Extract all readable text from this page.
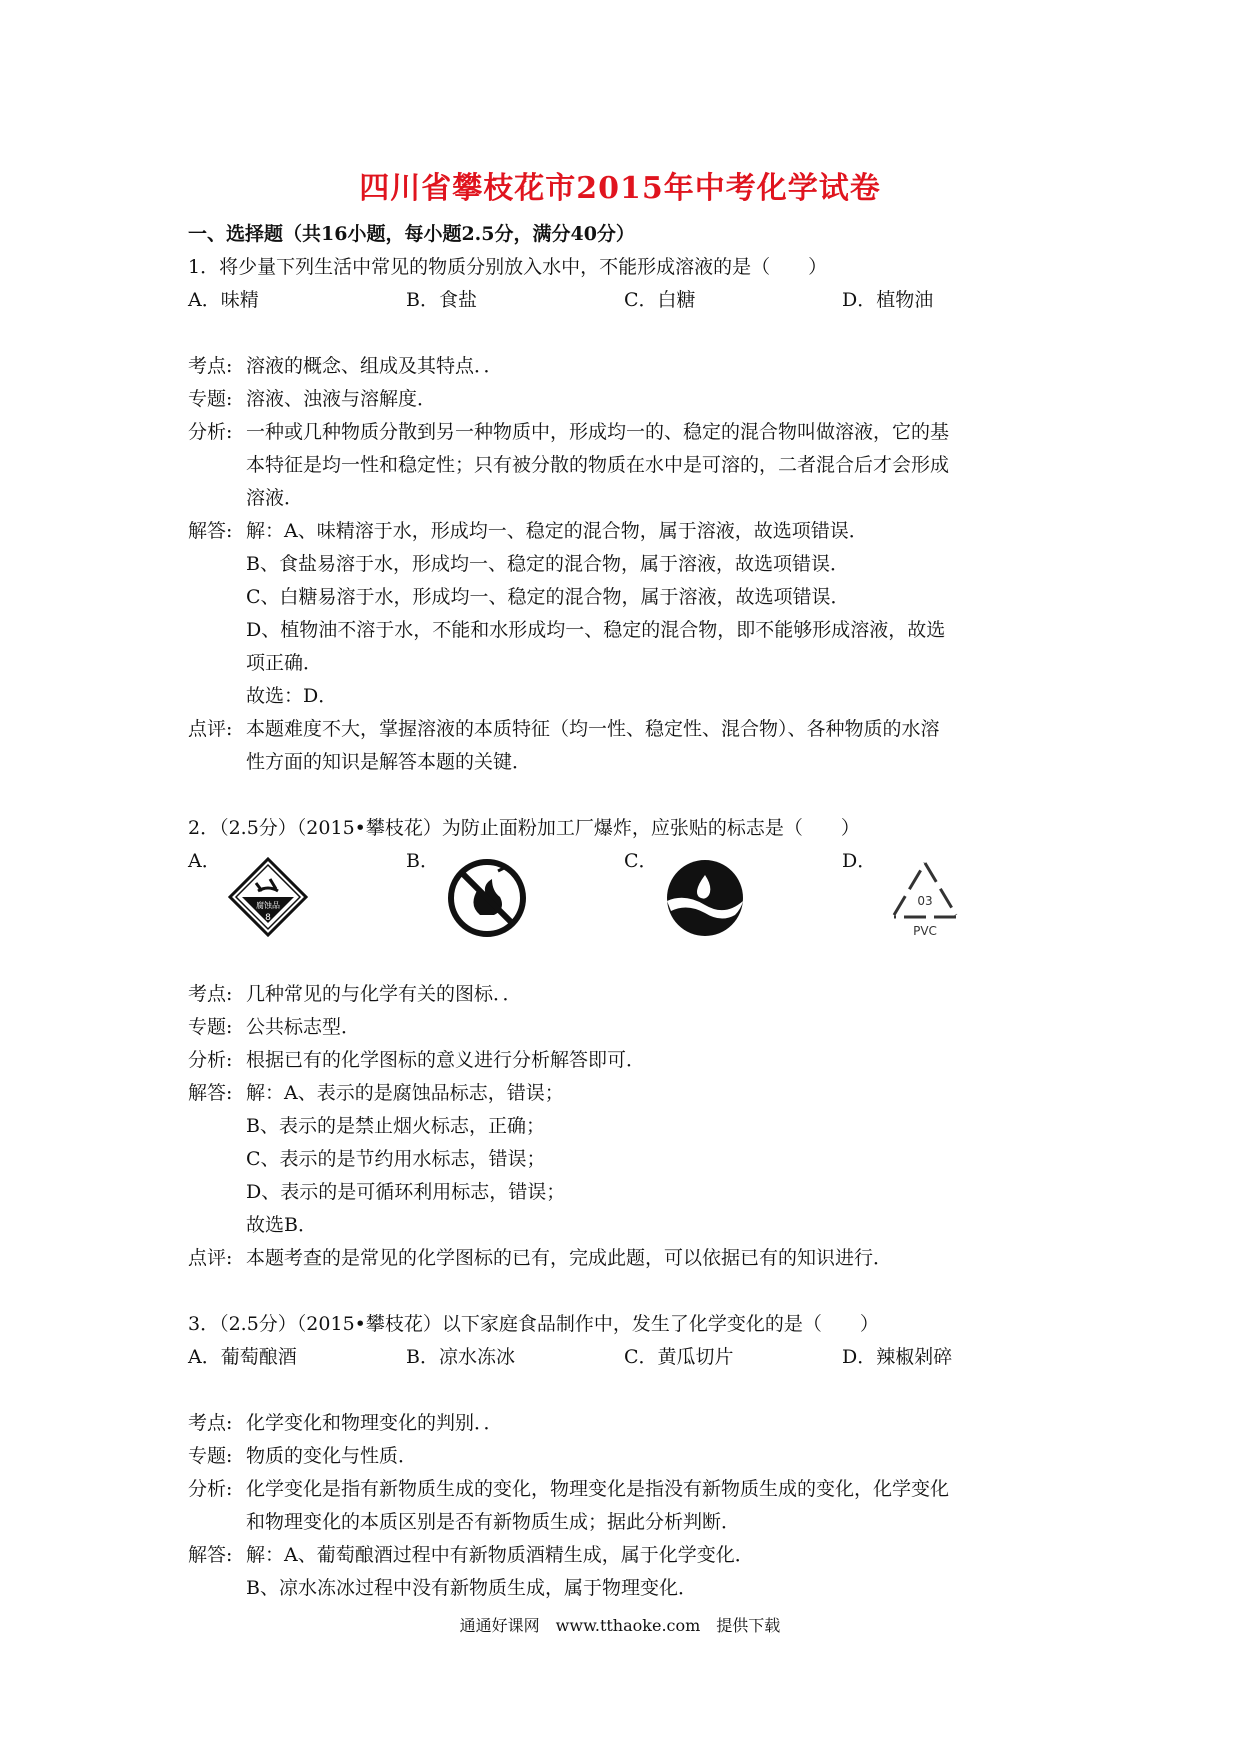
四川省攀枝花市2015年中考化学试卷
一、选择题（共16小题，每小题2.5分，满分40分）
1．将少量下列生活中常见的物质分别放入水中，不能形成溶液的是（　　）
A．味精	B．食盐	C．白糖	D．植物油
考点: 溶液的概念、组成及其特点．．
专题: 溶液、浊液与溶解度．
分析: 一种或几种物质分散到另一种物质中，形成均一的、稳定的混合物叫做溶液，它的基
本特征是均一性和稳定性；只有被分散的物质在水中是可溶的，二者混合后才会形成
溶液．
解答: 解：A、味精溶于水，形成均一、稳定的混合物，属于溶液，故选项错误．
B、食盐易溶于水，形成均一、稳定的混合物，属于溶液，故选项错误．
C、白糖易溶于水，形成均一、稳定的混合物，属于溶液，故选项错误．
D、植物油不溶于水，不能和水形成均一、稳定的混合物，即不能够形成溶液，故选
项正确．
故选：D．
点评: 本题难度不大，掌握溶液的本质特征（均一性、稳定性、混合物）、各种物质的水溶
性方面的知识是解答本题的关键．
2．（2.5分）（2015•攀枝花）为防止面粉加工厂爆炸，应张贴的标志是（　　）
A．
腐蚀品
8
B．	C．	D．
03
PVC
考点: 几种常见的与化学有关的图标．．
专题: 公共标志型．
分析: 根据已有的化学图标的意义进行分析解答即可．
解答: 解：A、表示的是腐蚀品标志，错误；
B、表示的是禁止烟火标志，正确；
C、表示的是节约用水标志，错误；
D、表示的是可循环利用标志，错误；
故选B．
点评: 本题考查的是常见的化学图标的已有，完成此题，可以依据已有的知识进行．
3．（2.5分）（2015•攀枝花）以下家庭食品制作中，发生了化学变化的是（　　）
A．葡萄酿酒	B．凉水冻冰	C．黄瓜切片	D．辣椒剁碎
考点: 化学变化和物理变化的判别．．
专题: 物质的变化与性质．
分析: 化学变化是指有新物质生成的变化，物理变化是指没有新物质生成的变化，化学变化
和物理变化的本质区别是否有新物质生成；据此分析判断．
解答: 解：A、葡萄酿酒过程中有新物质酒精生成，属于化学变化．
B、凉水冻冰过程中没有新物质生成，属于物理变化．
通通好课网　www.tthaoke.com　提供下载
